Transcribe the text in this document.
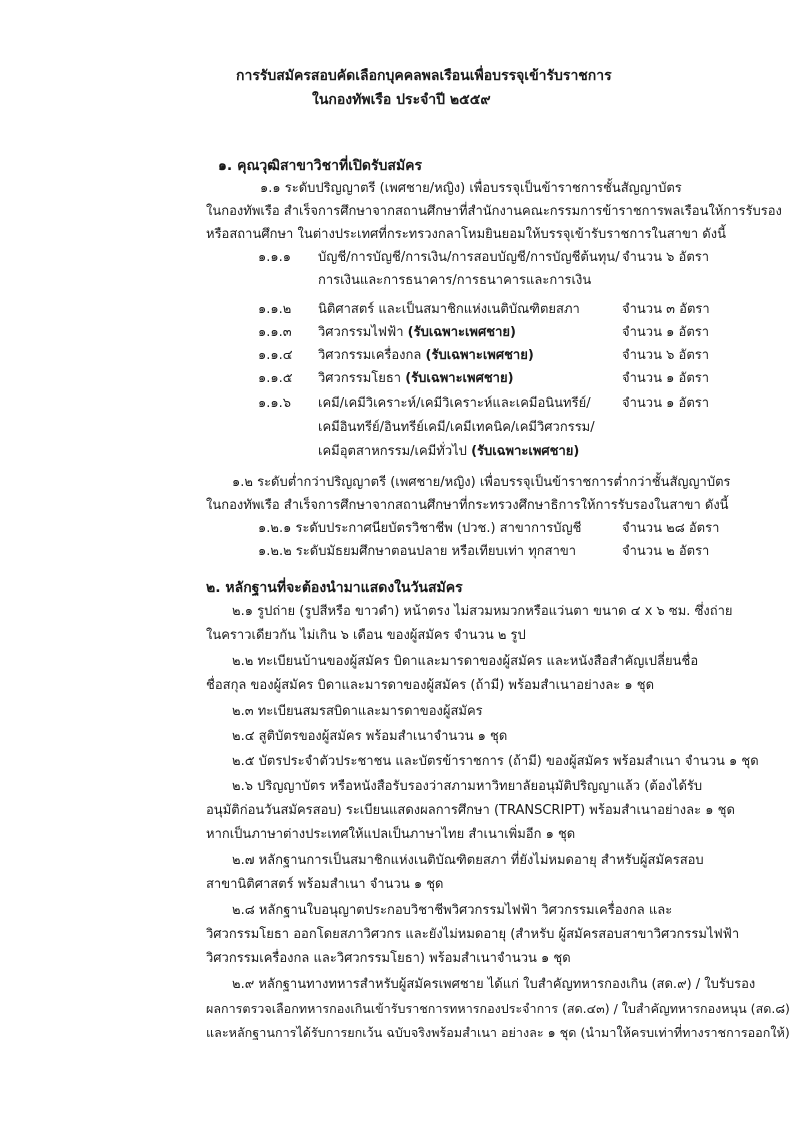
การรับสมัครสอบคัดเลือกบุคคลพลเรือนเพื่อบรรจุเข้ารับราชการ
ในกองทัพเรือ ประจำปี ๒๕๕๙
๑. คุณวุฒิสาขาวิชาที่เปิดรับสมัคร
๑.๑ ระดับปริญญาตรี (เพศชาย/หญิง) เพื่อบรรจุเป็นข้าราชการชั้นสัญญาบัตร
ในกองทัพเรือ สำเร็จการศึกษาจากสถานศึกษาที่สำนักงานคณะกรรมการข้าราชการพลเรือนให้การรับรอง
หรือสถานศึกษา ในต่างประเทศที่กระทรวงกลาโหมยินยอมให้บรรจุเข้ารับราชการในสาขา ดังนี้
๑.๑.๑ บัญชี/การบัญชี/การเงิน/การสอบบัญชี/การบัญชีต้นทุน/
การเงินและการธนาคาร/การธนาคารและการเงิน
จำนวน ๖ อัตรา
๑.๑.๒ นิติศาสตร์ และเป็นสมาชิกแห่งเนติบัณฑิตยสภา	จำนวน ๓ อัตรา
๑.๑.๓ วิศวกรรมไฟฟ้า (รับเฉพาะเพศชาย)	จำนวน ๑ อัตรา
๑.๑.๔ วิศวกรรมเครื่องกล (รับเฉพาะเพศชาย)	จำนวน ๖ อัตรา
๑.๑.๕ วิศวกรรมโยธา (รับเฉพาะเพศชาย)	จำนวน ๑ อัตรา
๑.๑.๖ เคมี/เคมีวิเคราะห์/เคมีวิเคราะห์และเคมีอนินทรีย์/
เคมีอินทรีย์/อินทรีย์เคมี/เคมีเทคนิค/เคมีวิศวกรรม/
เคมีอุตสาหกรรม/เคมีทั่วไป (รับเฉพาะเพศชาย)
จำนวน ๑ อัตรา
๑.๒ ระดับต่ำกว่าปริญญาตรี (เพศชาย/หญิง) เพื่อบรรจุเป็นข้าราชการต่ำกว่าชั้นสัญญาบัตร
ในกองทัพเรือ สำเร็จการศึกษาจากสถานศึกษาที่กระทรวงศึกษาธิการให้การรับรองในสาขา ดังนี้
๑.๒.๑ ระดับประกาศนียบัตรวิชาชีพ (ปวช.) สาขาการบัญชี	จำนวน ๒๘ อัตรา
๑.๒.๒ ระดับมัธยมศึกษาตอนปลาย หรือเทียบเท่า ทุกสาขา	จำนวน ๒ อัตรา
๒. หลักฐานที่จะต้องนำมาแสดงในวันสมัคร
๒.๑ รูปถ่าย (รูปสีหรือ ขาวดำ) หน้าตรง ไม่สวมหมวกหรือแว่นตา ขนาด ๔ x ๖ ซม. ซึ่งถ่าย
ในคราวเดียวกัน ไม่เกิน ๖ เดือน ของผู้สมัคร จำนวน ๒ รูป
๒.๒ ทะเบียนบ้านของผู้สมัคร บิดาและมารดาของผู้สมัคร และหนังสือสำคัญเปลี่ยนชื่อ
ชื่อสกุล ของผู้สมัคร บิดาและมารดาของผู้สมัคร (ถ้ามี) พร้อมสำเนาอย่างละ ๑ ชุด
๒.๓ ทะเบียนสมรสบิดาและมารดาของผู้สมัคร
๒.๔ สูติบัตรของผู้สมัคร พร้อมสำเนาจำนวน ๑ ชุด
๒.๕ บัตรประจำตัวประชาชน และบัตรข้าราชการ (ถ้ามี) ของผู้สมัคร พร้อมสำเนา จำนวน ๑ ชุด
๒.๖ ปริญญาบัตร หรือหนังสือรับรองว่าสภามหาวิทยาลัยอนุมัติปริญญาแล้ว (ต้องได้รับ
อนุมัติก่อนวันสมัครสอบ) ระเบียนแสดงผลการศึกษา (TRANSCRIPT) พร้อมสำเนาอย่างละ ๑ ชุด
หากเป็นภาษาต่างประเทศให้แปลเป็นภาษาไทย สำเนาเพิ่มอีก ๑ ชุด
๒.๗ หลักฐานการเป็นสมาชิกแห่งเนติบัณฑิตยสภา ที่ยังไม่หมดอายุ สำหรับผู้สมัครสอบ
สาขานิติศาสตร์ พร้อมสำเนา จำนวน ๑ ชุด
๒.๘ หลักฐานใบอนุญาตประกอบวิชาชีพวิศวกรรมไฟฟ้า วิศวกรรมเครื่องกล และ
วิศวกรรมโยธา ออกโดยสภาวิศวกร และยังไม่หมดอายุ (สำหรับ ผู้สมัครสอบสาขาวิศวกรรมไฟฟ้า
วิศวกรรมเครื่องกล และวิศวกรรมโยธา) พร้อมสำเนาจำนวน ๑ ชุด
๒.๙ หลักฐานทางทหารสำหรับผู้สมัครเพศชาย ได้แก่ ใบสำคัญทหารกองเกิน (สด.๙) / ใบรับรอง
ผลการตรวจเลือกทหารกองเกินเข้ารับราชการทหารกองประจำการ (สด.๔๓) / ใบสำคัญทหารกองหนุน (สด.๘)
และหลักฐานการได้รับการยกเว้น ฉบับจริงพร้อมสำเนา อย่างละ ๑ ชุด (นำมาให้ครบเท่าที่ทางราชการออกให้)
